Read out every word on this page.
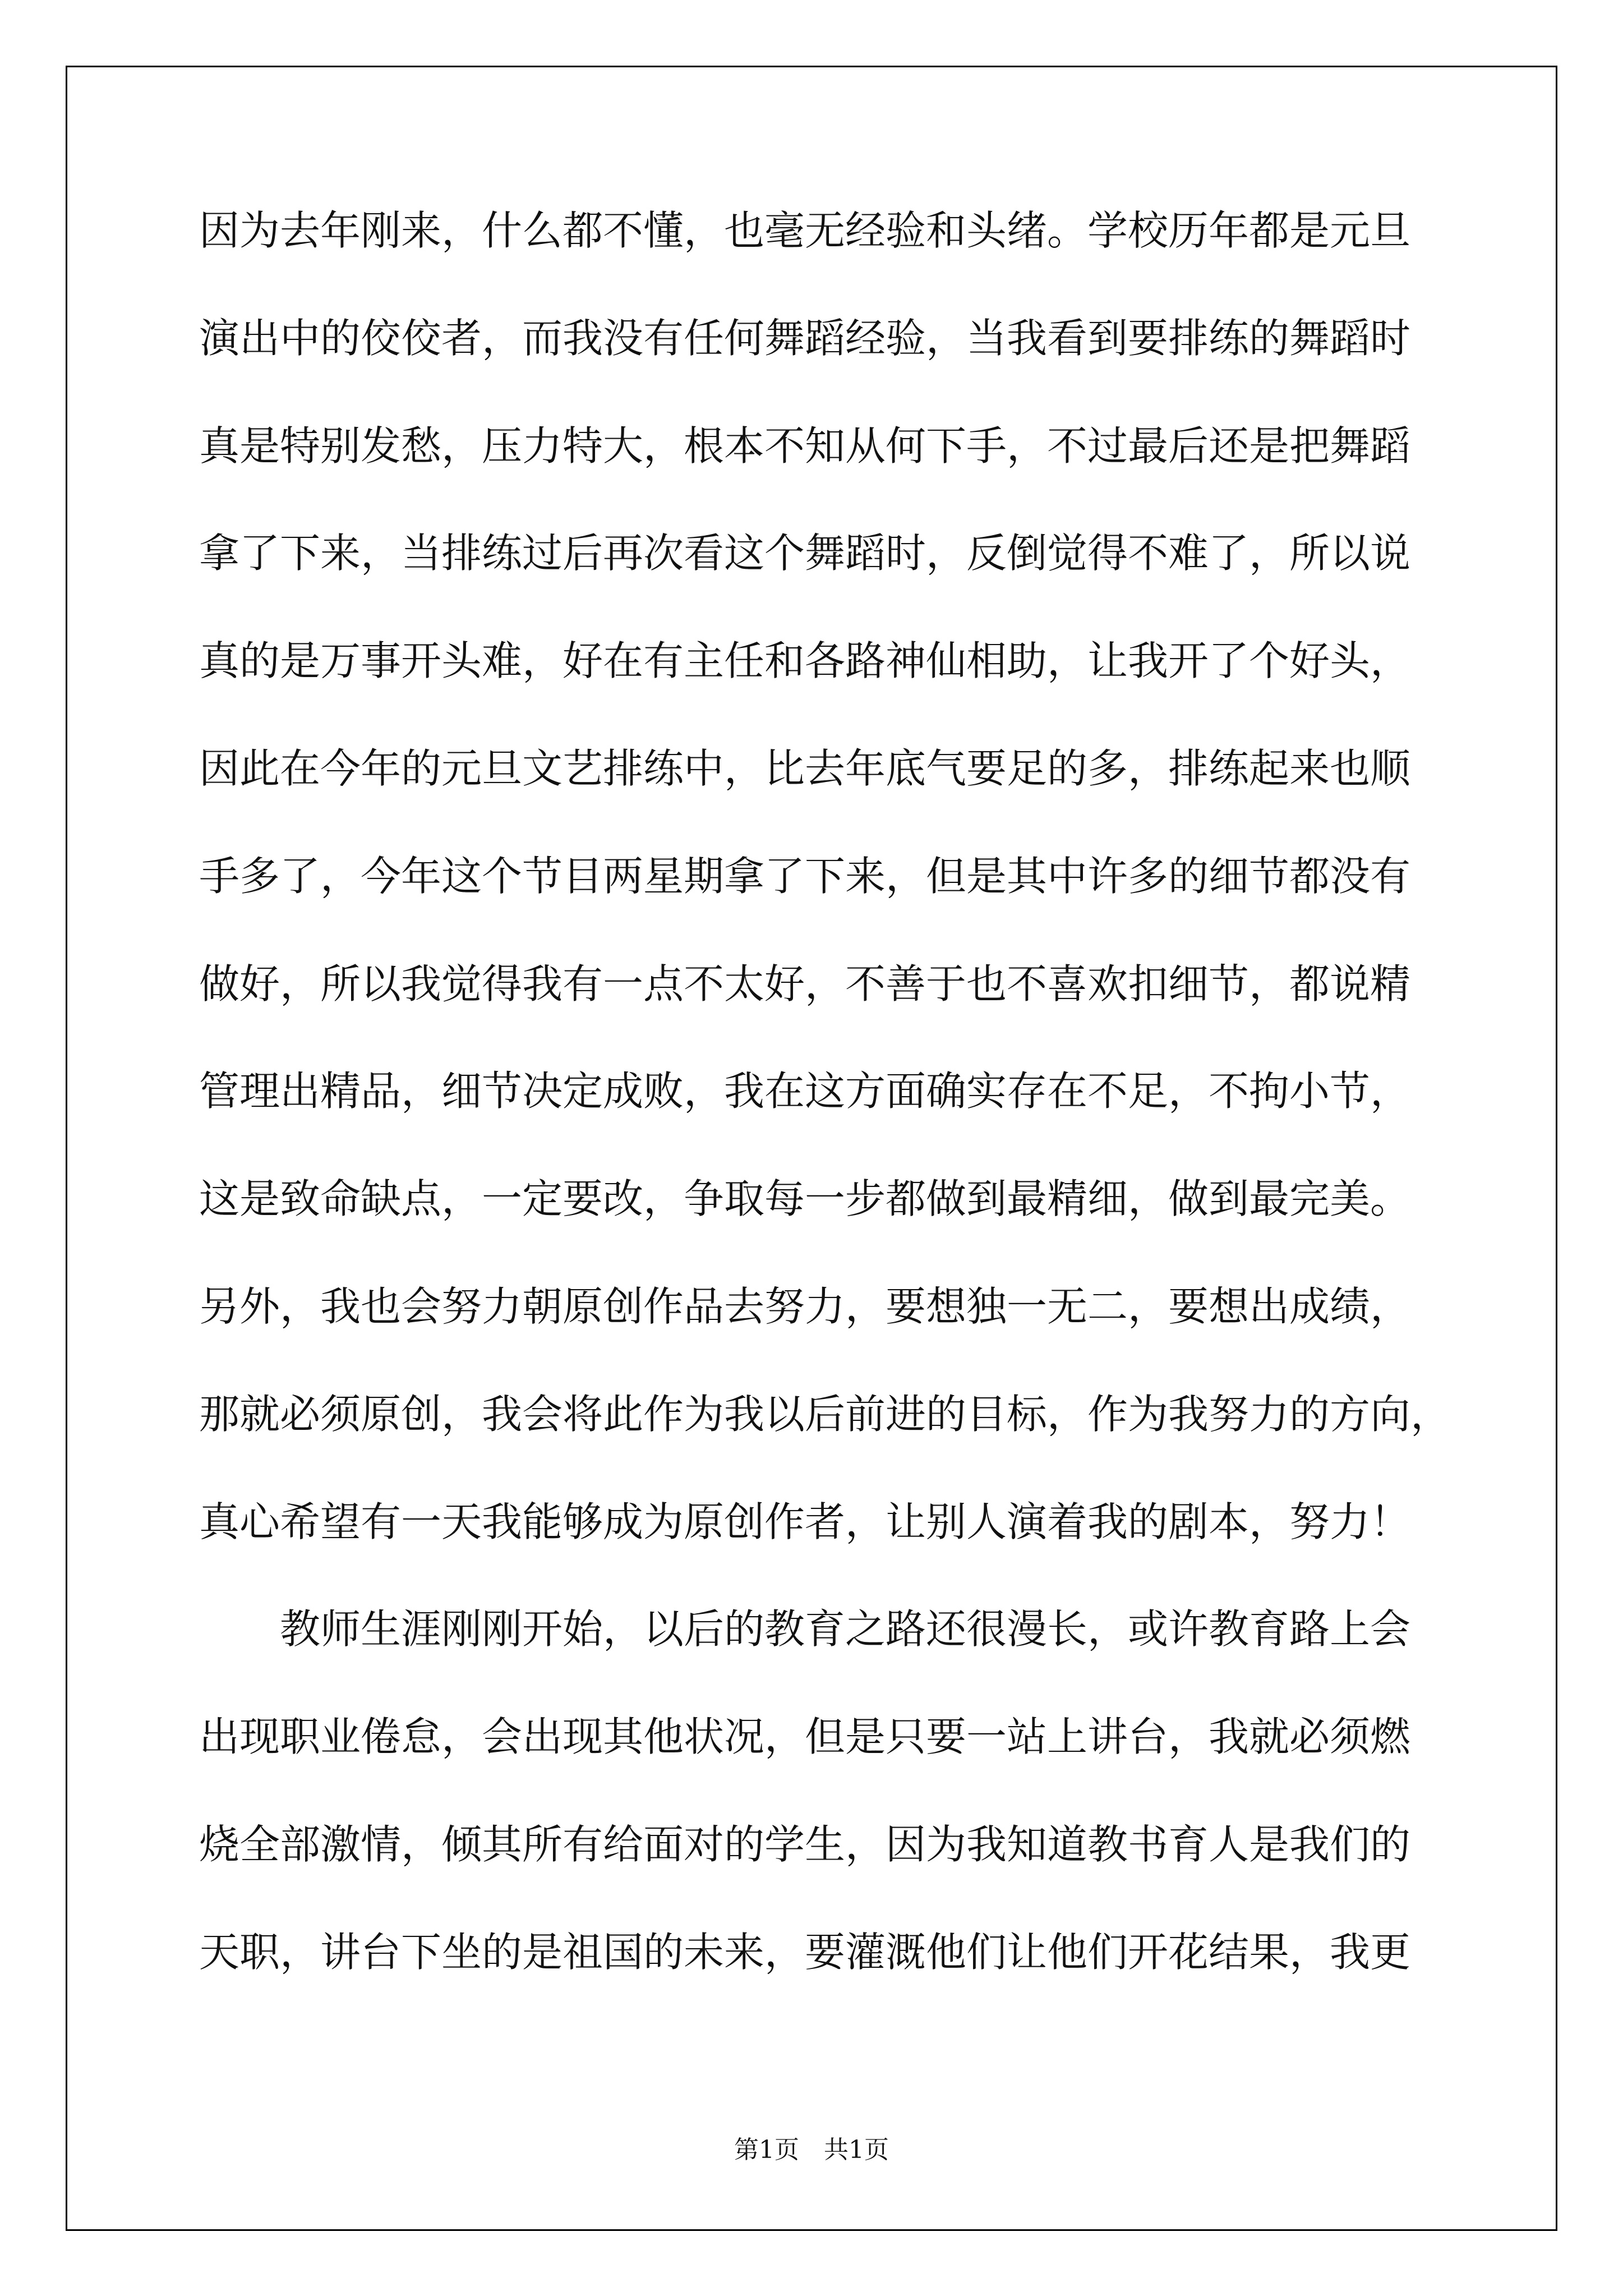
因为去年刚来，什么都不懂，也毫无经验和头绪。学校历年都是元旦

演出中的佼佼者，而我没有任何舞蹈经验，当我看到要排练的舞蹈时

真是特别发愁，压力特大，根本不知从何下手，不过最后还是把舞蹈

拿了下来，当排练过后再次看这个舞蹈时，反倒觉得不难了，所以说

真的是万事开头难，好在有主任和各路神仙相助，让我开了个好头，

因此在今年的元旦文艺排练中，比去年底气要足的多，排练起来也顺

手多了，今年这个节目两星期拿了下来，但是其中许多的细节都没有

做好，所以我觉得我有一点不太好，不善于也不喜欢扣细节，都说精

管理出精品，细节决定成败，我在这方面确实存在不足，不拘小节，

这是致命缺点，一定要改，争取每一步都做到最精细，做到最完美。

另外，我也会努力朝原创作品去努力，要想独一无二，要想出成绩，

那就必须原创，我会将此作为我以后前进的目标，作为我努力的方向，

真心希望有一天我能够成为原创作者，让别人演着我的剧本，努力！

教师生涯刚刚开始，以后的教育之路还很漫长，或许教育路上会

出现职业倦怠，会出现其他状况，但是只要一站上讲台，我就必须燃

烧全部激情，倾其所有给面对的学生，因为我知道教书育人是我们的

天职，讲台下坐的是祖国的未来，要灌溉他们让他们开花结果，我更

第1页　共1页
